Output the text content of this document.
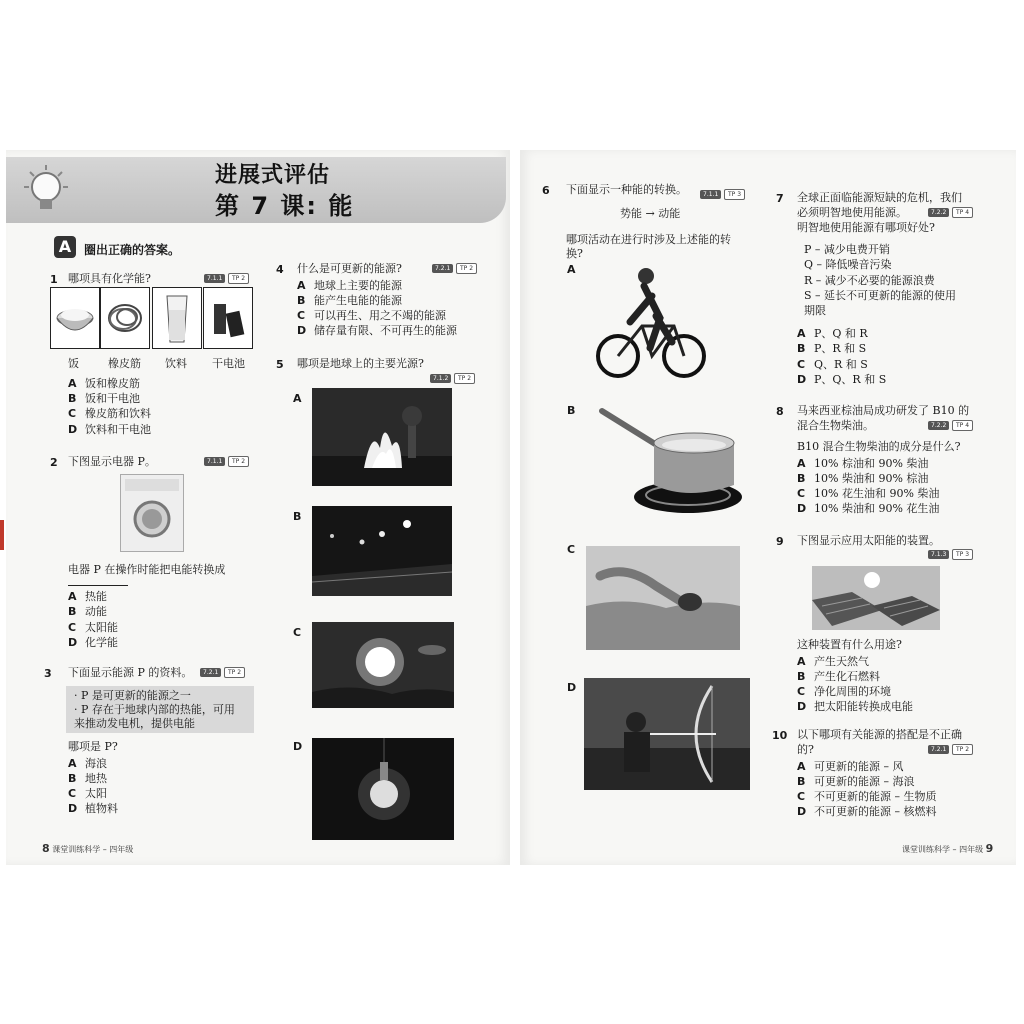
进展式评估
第 7 课: 能
A	圈出正确的答案。
1 哪项具有化学能?	7.1.1	TP 2
饭	橡皮筋 饮料 干电池
A 饭和橡皮筋
B 饭和干电池
C 橡皮筋和饮料
D 饮料和干电池
2 下图显示电器 P。	7.1.1	TP 2
电器 P 在操作时能把电能转换成
A 热能
B 动能
C 太阳能
D 化学能
3 下面显示能源 P 的资料。	7.2.1	TP 2
· P 是可更新的能源之一
· P 存在于地球内部的热能，可用
来推动发电机，提供电能
哪项是 P?
A 海浪
B 地热
C 太阳
D 植物料
4 什么是可更新的能源?	7.2.1	TP 2
A 地球上主要的能源
B 能产生电能的能源
C 可以再生、用之不竭的能源
D 储存量有限、不可再生的能源
5 哪项是地球上的主要光源?
7.1.2	TP 2
A
B
C
D
6 下面显示一种能的转换。	7.1.1	TP 3
势能 → 动能
哪项活动在进行时涉及上述能的转
换?
A
B
C
D
7 全球正面临能源短缺的危机，我们
必须明智地使用能源。	7.2.2	TP 4
明智地使用能源有哪项好处?
P – 减少电费开销
Q – 降低噪音污染
R – 减少不必要的能源浪费
S – 延长不可更新的能源的使用
期限
A P、Q 和 R
B P、R 和 S
C Q、R 和 S
D P、Q、R 和 S
8 马来西亚棕油局成功研发了 B10 的
混合生物柴油。	7.2.2	TP 4
B10 混合生物柴油的成分是什么?
A 10% 棕油和 90% 柴油
B 10% 柴油和 90% 棕油
C 10% 花生油和 90% 柴油
D 10% 柴油和 90% 花生油
9 下图显示应用太阳能的装置。
7.1.3	TP 3
这种装置有什么用途?
A 产生天然气
B 产生化石燃料
C 净化周围的环境
D 把太阳能转换成电能
10 以下哪项有关能源的搭配是不正确
的?	7.2.1	TP 2
A 可更新的能源 – 风
B 可更新的能源 – 海浪
C 不可更新的能源 – 生物质
D 不可更新的能源 – 核燃料
8 课堂训练科学 – 四年级	课堂训练科学 – 四年级 9
